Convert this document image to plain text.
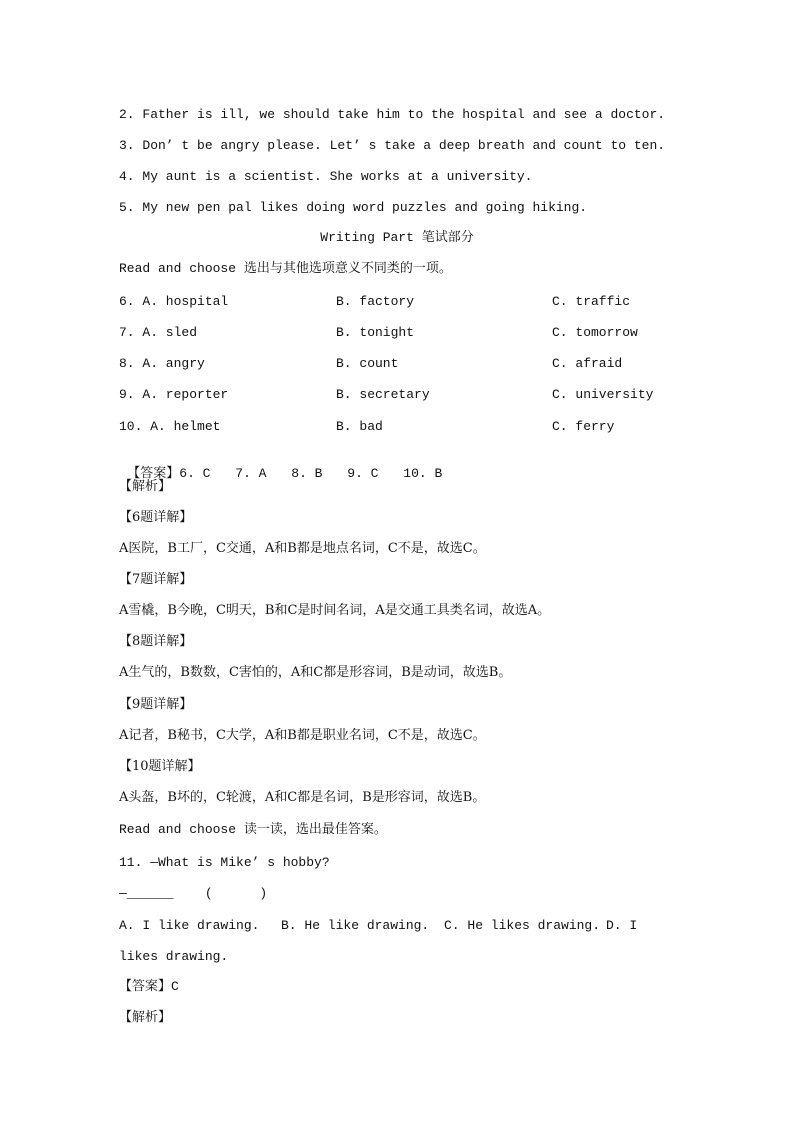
2. Father is ill, we should take him to the hospital and see a doctor.
3. Don’ t be angry please. Let’ s take a deep breath and count to ten.
4. My aunt is a scientist. She works at a university.
5. My new pen pal likes doing word puzzles and going hiking.
Writing Part 笔试部分
Read and choose 选出与其他选项意义不同类的一项。

6. A. hospital

	B. factory

	C. traffic

7. A. sled

	B. tonight

	C. tomorrow

8. A. angry

	B. count

	C. afraid

9. A. reporter

	B. secretary

	C. university

10. A. helmet

	B. bad

	C. ferry

【答案】6. C 7. A 8. B 9. C 10. B

【解析】
【6题详解】
A医院，B工厂，C交通，A和B都是地点名词，C不是，故选C。
【7题详解】
A雪橇，B今晚，C明天，B和C是时间名词，A是交通工具类名词，故选A。
【8题详解】
A生气的，B数数，C害怕的，A和C都是形容词，B是动词，故选B。
【9题详解】
A记者，B秘书，C大学，A和B都是职业名词，C不是，故选C。
【10题详解】
A头盔，B坏的，C轮渡，A和C都是名词，B是形容词，故选B。
Read and choose 读一读，选出最佳答案。
11. —What is Mike’ s hobby?
—______    (      )

A. I like drawing.

B. He like drawing.

C. He likes drawing.

D. I

likes drawing.
【答案】C
【解析】
